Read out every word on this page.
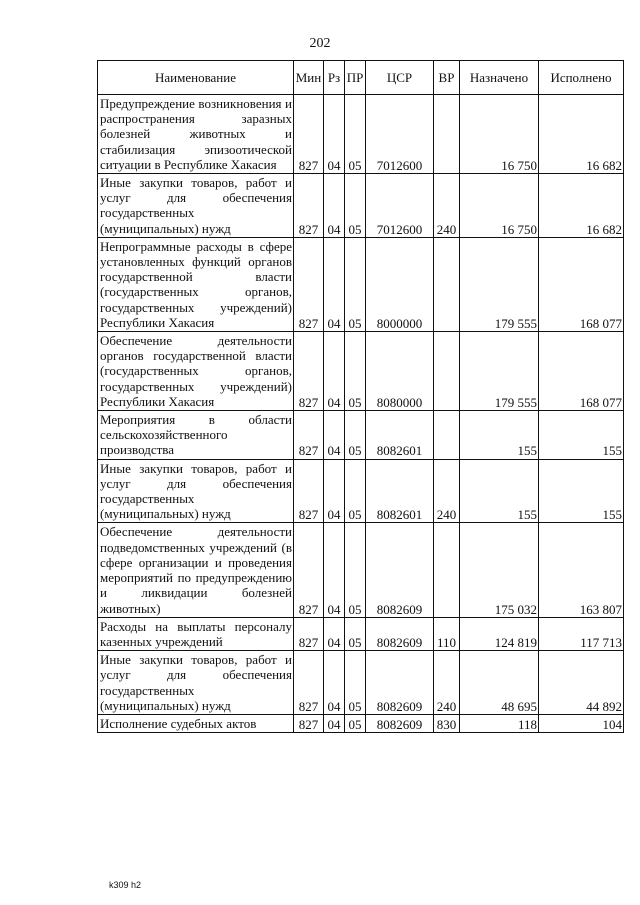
202
Наименование	Мин	Рз	ПР	ЦСР	ВР	Назначено	Исполнено
Предупреждение возникновения и распространения заразных болезней животных и стабилизация эпизоотической ситуации в Республике Хакасия	827	04	05	7012600		16 750	16 682
Иные закупки товаров, работ и услуг для обеспечения государственных (муниципальных) нужд	827	04	05	7012600	240	16 750	16 682
Непрограммные расходы в сфере установленных функций органов государственной власти (государственных органов, государственных учреждений) Республики Хакасия	827	04	05	8000000		179 555	168 077
Обеспечение деятельности органов государственной власти (государственных органов, государственных учреждений) Республики Хакасия	827	04	05	8080000		179 555	168 077
Мероприятия в области сельскохозяйственного производства	827	04	05	8082601		155	155
Иные закупки товаров, работ и услуг для обеспечения государственных (муниципальных) нужд	827	04	05	8082601	240	155	155
Обеспечение деятельности подведомственных учреждений (в сфере организации и проведения мероприятий по предупреждению и ликвидации болезней животных)	827	04	05	8082609		175 032	163 807
Расходы на выплаты персоналу казенных учреждений	827	04	05	8082609	110	124 819	117 713
Иные закупки товаров, работ и услуг для обеспечения государственных (муниципальных) нужд	827	04	05	8082609	240	48 695	44 892
Исполнение судебных актов	827	04	05	8082609	830	118	104
k309 h2
